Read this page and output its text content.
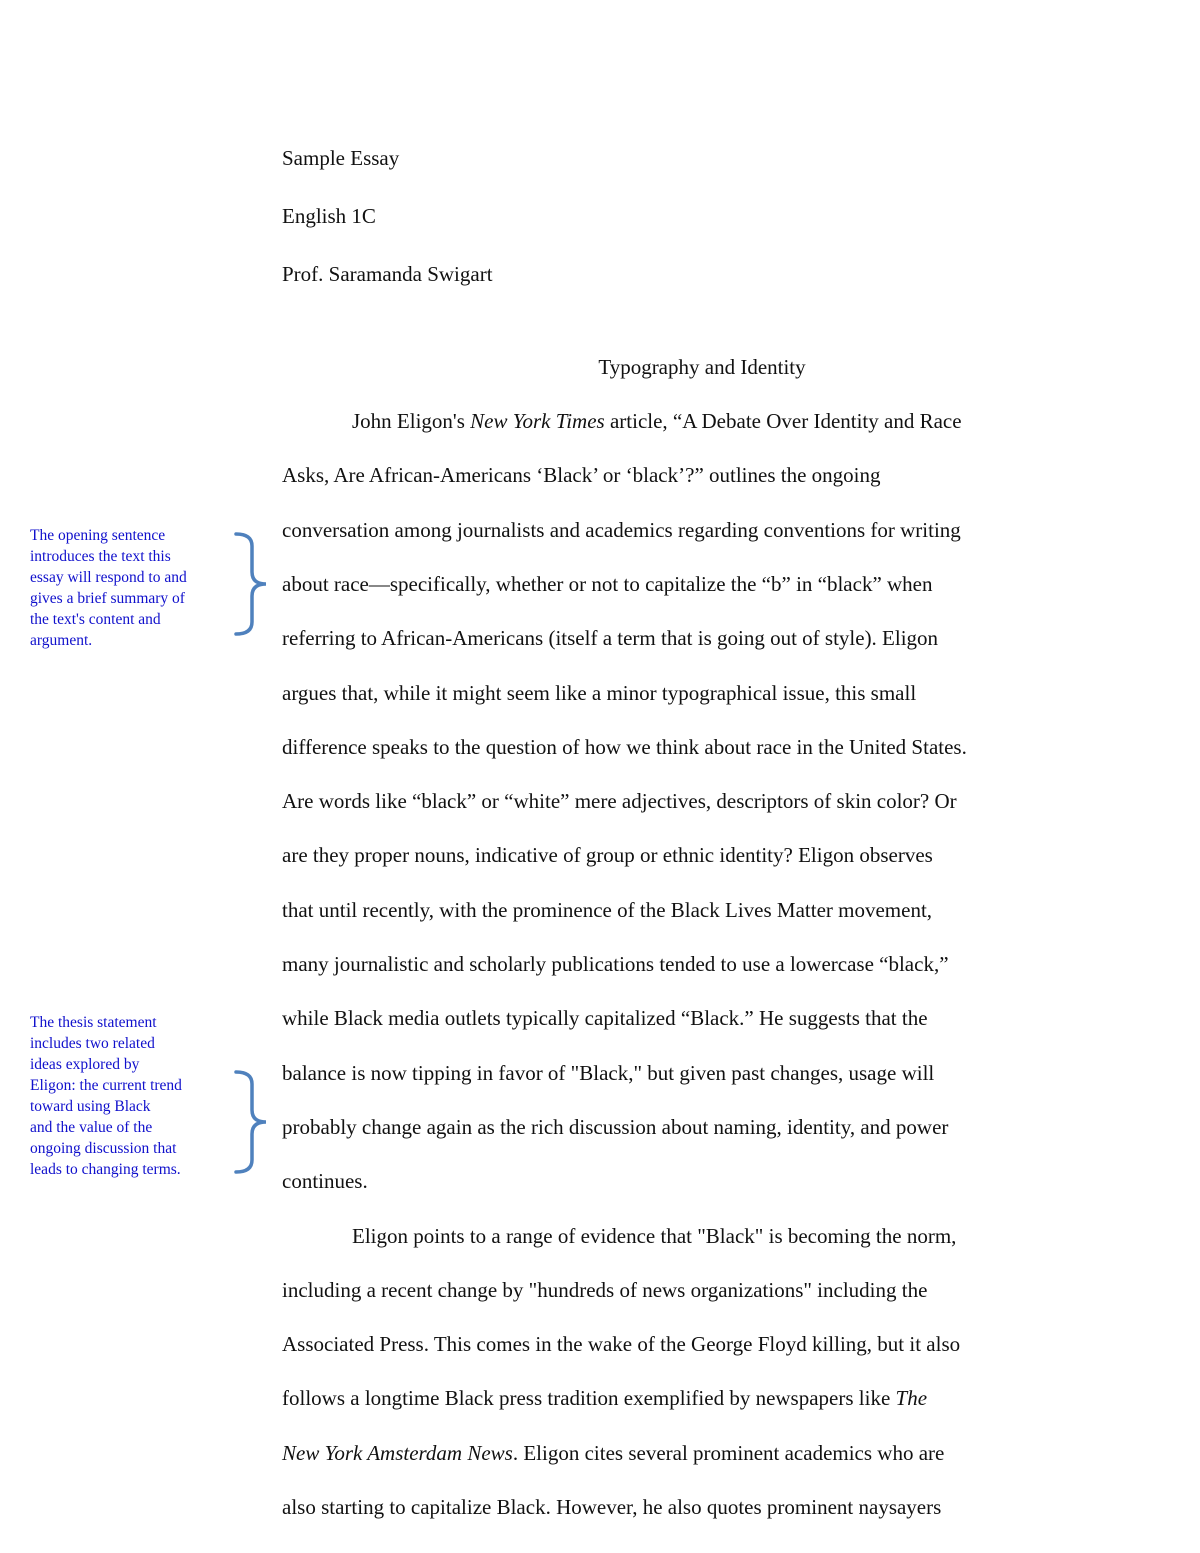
Sample Essay
English 1C
Prof. Saramanda Swigart
Typography and Identity
John Eligon's New York Times article, “A Debate Over Identity and Race
Asks, Are African-Americans ‘Black’ or ‘black’?” outlines the ongoing
conversation among journalists and academics regarding conventions for writing
about race—specifically, whether or not to capitalize the “b” in “black” when
referring to African-Americans (itself a term that is going out of style). Eligon
argues that, while it might seem like a minor typographical issue, this small
difference speaks to the question of how we think about race in the United States.
Are words like “black” or “white” mere adjectives, descriptors of skin color? Or
are they proper nouns, indicative of group or ethnic identity? Eligon observes
that until recently, with the prominence of the Black Lives Matter movement,
many journalistic and scholarly publications tended to use a lowercase “black,”
while Black media outlets typically capitalized “Black.” He suggests that the
balance is now tipping in favor of "Black," but given past changes, usage will
probably change again as the rich discussion about naming, identity, and power
continues.
Eligon points to a range of evidence that "Black" is becoming the norm,
including a recent change by "hundreds of news organizations" including the
Associated Press. This comes in the wake of the George Floyd killing, but it also
follows a longtime Black press tradition exemplified by newspapers like The
New York Amsterdam News. Eligon cites several prominent academics who are
also starting to capitalize Black. However, he also quotes prominent naysayers
The opening sentence
introduces the text this
essay will respond to and
gives a brief summary of
the text's content and
argument.
The thesis statement
includes two related
ideas explored by
Eligon: the current trend
toward using Black
and the value of the
ongoing discussion that
leads to changing terms.
